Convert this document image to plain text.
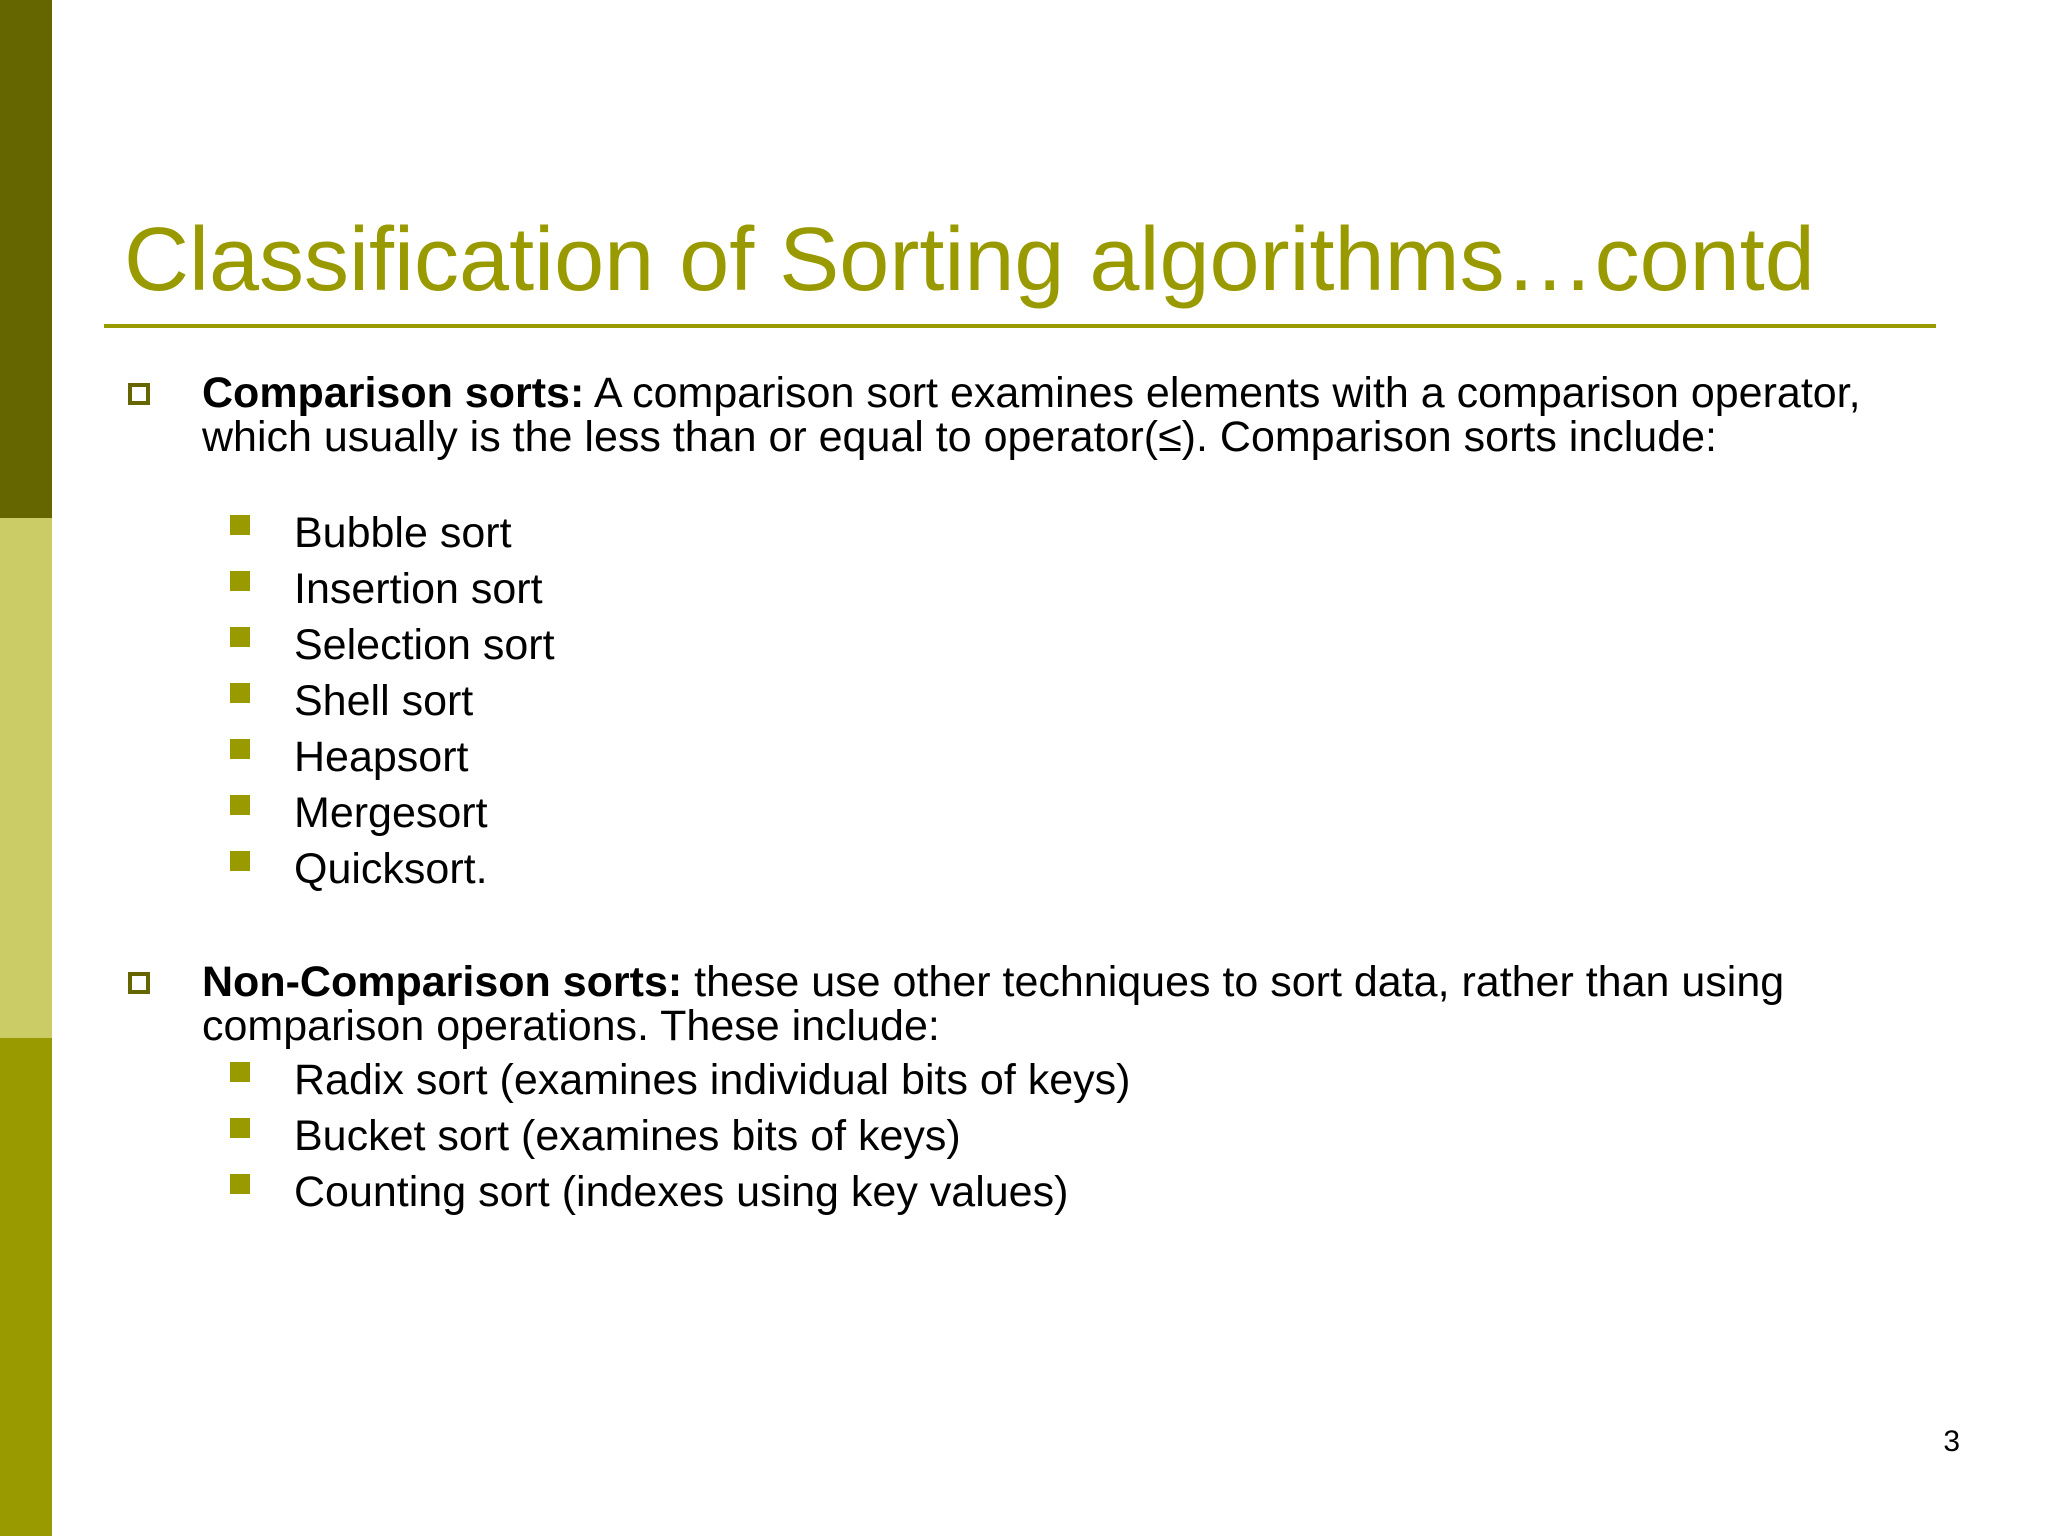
Classification of Sorting algorithms…contd

Comparison sorts: A comparison sort examines elements with a comparison operator, which usually is the less than or equal to operator(≤). Comparison sorts include:

Bubble sort
Insertion sort
Selection sort
Shell sort
Heapsort
Mergesort
Quicksort.

Non-Comparison sorts: these use other techniques to sort data, rather than using comparison operations. These include:

Radix sort (examines individual bits of keys)
Bucket sort (examines bits of keys)
Counting sort (indexes using key values)
3
